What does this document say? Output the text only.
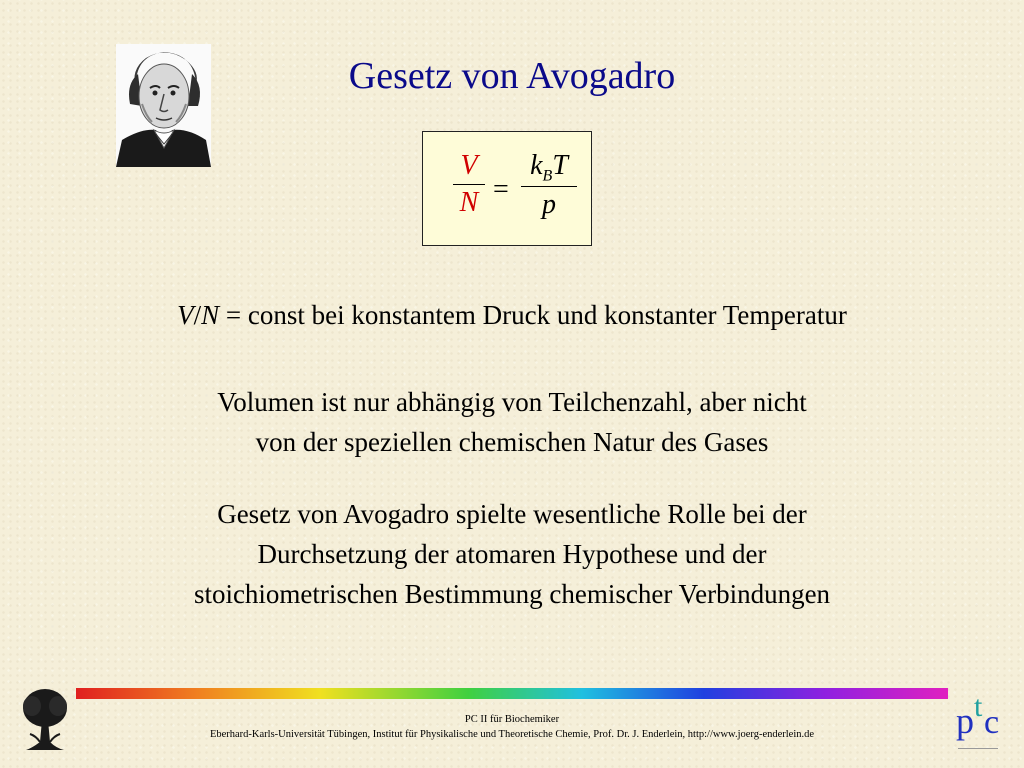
Gesetz von Avogadro
V
N =
$k_BT$
p
V/N = const bei konstantem Druck und konstanter Temperatur
Volumen ist nur abhängig von Teilchenzahl, aber nicht
von der speziellen chemischen Natur des Gases
Gesetz von Avogadro spielte wesentliche Rolle bei der
Durchsetzung der atomaren Hypothese und der
stoichiometrischen Bestimmung chemischer Verbindungen
PC II für Biochemiker
Eberhard-Karls-Universität Tübingen, Institut für Physikalische und Theoretische Chemie, Prof. Dr. J. Enderlein, http://www.joerg-enderlein.de	p t c
